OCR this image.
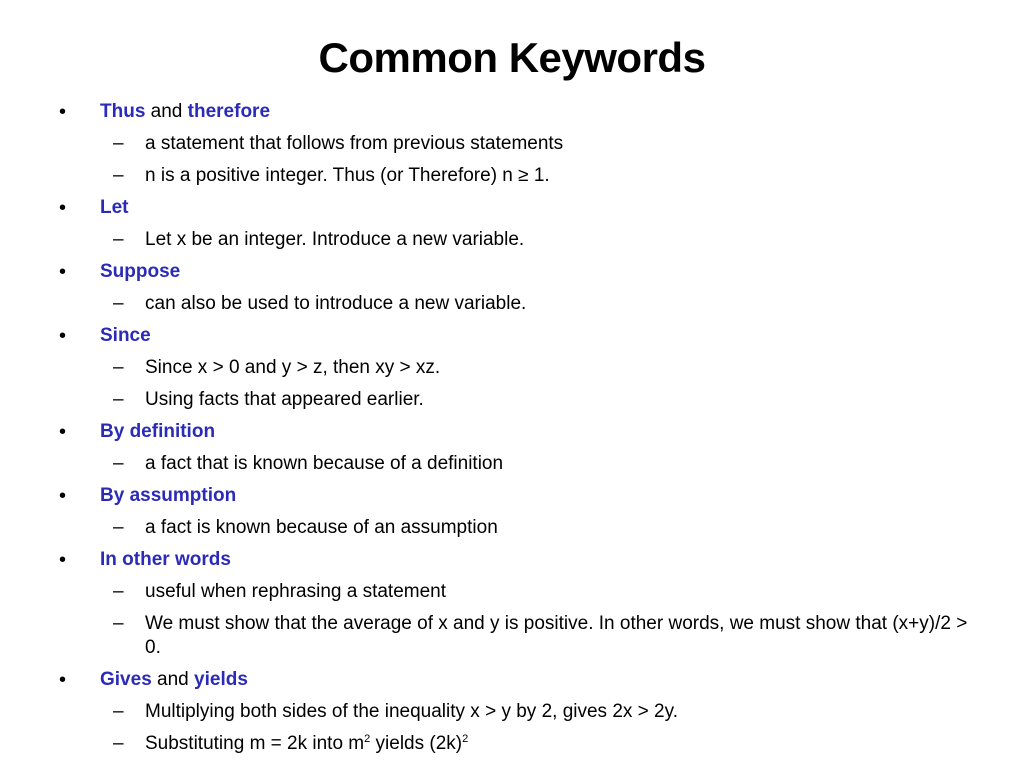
Common Keywords
• Thus and therefore
– a statement that follows from previous statements
– n is a positive integer. Thus (or Therefore) n ≥ 1.
• Let
– Let x be an integer. Introduce a new variable.
• Suppose
– can also be used to introduce a new variable.
• Since
– Since x > 0 and y > z, then xy > xz.
– Using facts that appeared earlier.
• By definition
– a fact that is known because of a definition
• By assumption
– a fact is known because of an assumption
• In other words
– useful when rephrasing a statement
– We must show that the average of x and y is positive. In other words, we must show that (x+y)/2 > 0.
• Gives and yields
– Multiplying both sides of the inequality x > y by 2, gives 2x > 2y.
– Substituting m = 2k into $m^2$ yields $(2k)^2$
